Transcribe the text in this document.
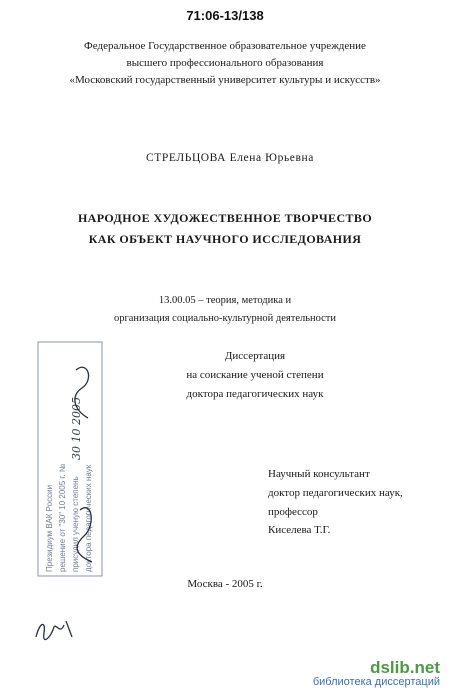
71:06-13/138
Федеральное Государственное образовательное учреждение
высшего профессионального образования
«Московский государственный университет культуры и искусств»
СТРЕЛЬЦОВА Елена Юрьевна
НАРОДНОЕ ХУДОЖЕСТВЕННОЕ ТВОРЧЕСТВО
КАК ОБЪЕКТ НАУЧНОГО ИССЛЕДОВАНИЯ
13.00.05 – теория, методика и
организация социально-культурной деятельности
Диссертация
на соискание ученой степени
доктора педагогических наук
Научный консультант
доктор педагогических наук,
профессор
Киселева Т.Г.
Москва - 2005 г.
Президиум ВАК России решение от "30" 10 2005 г. № присудил ученую степень доктора педагогических наук
30 10 2005
dslib.net
библиотека диссертаций
